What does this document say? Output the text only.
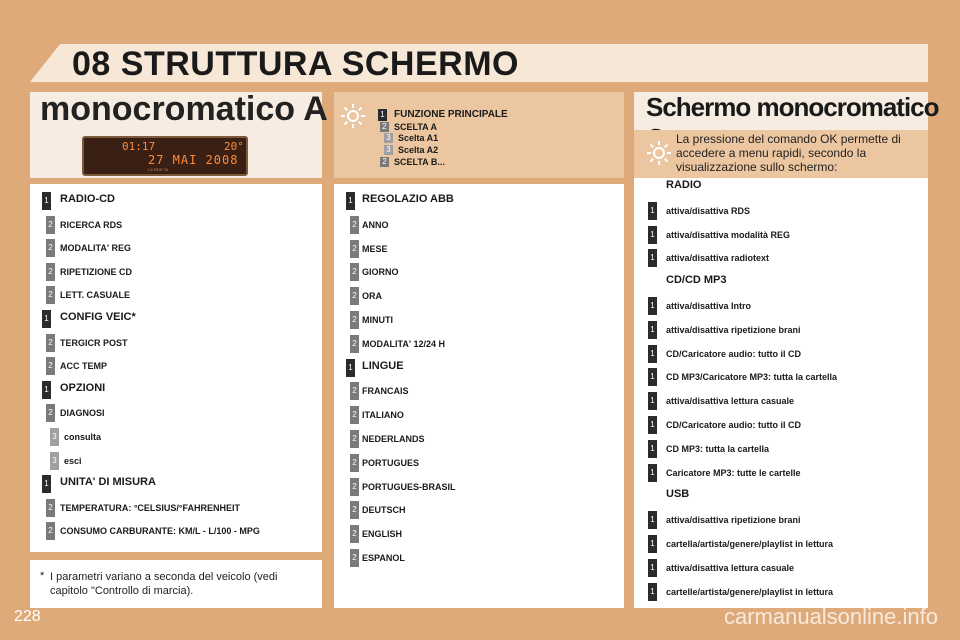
08 STRUTTURA SCHERMO
monocromatico A
01:17	20°
27 MAI 2008
LX RDS TA
1 FUNZIONE PRINCIPALE
2 SCELTA A
3 Scelta A1
3 Scelta A2
2 SCELTA B...
Schermo monocromatico
La pressione del comando OK permette di accedere a menu rapidi, secondo la visualizzazione sullo schermo:
1 RADIO-CD
2 RICERCA RDS
2 MODALITA' REG
2 RIPETIZIONE CD
2 LETT. CASUALE
1 CONFIG VEIC*
2 TERGICR POST
2 ACC TEMP
1 OPZIONI
2 DIAGNOSI
3 consulta
3 esci
1 UNITA' DI MISURA
2 TEMPERATURA: °CELSIUS/°FAHRENHEIT
2 CONSUMO CARBURANTE: KM/L - L/100 - MPG
1 REGOLAZIO ABB
2 ANNO
2 MESE
2 GIORNO
2 ORA
2 MINUTI
2 MODALITA' 12/24 H
1 LINGUE
2 FRANCAIS
2 ITALIANO
2 NEDERLANDS
2 PORTUGUES
2 PORTUGUES-BRASIL
2 DEUTSCH
2 ENGLISH
2 ESPANOL
RADIO
1 attiva/disattiva RDS
1 attiva/disattiva modalità REG
1 attiva/disattiva radiotext
CD/CD MP3
1 attiva/disattiva Intro
1 attiva/disattiva ripetizione brani
1 CD/Caricatore audio: tutto il CD
1 CD MP3/Caricatore MP3: tutta la cartella
1 attiva/disattiva lettura casuale
1 CD/Caricatore audio: tutto il CD
1 CD MP3: tutta la cartella
1 Caricatore MP3: tutte le cartelle
USB
1 attiva/disattiva ripetizione brani
1 cartella/artista/genere/playlist in lettura
1 attiva/disattiva lettura casuale
1 cartelle/artista/genere/playlist in lettura
* I parametri variano a seconda del veicolo (vedi capitolo "Controllo di marcia).
228	carmanualsonline.info
